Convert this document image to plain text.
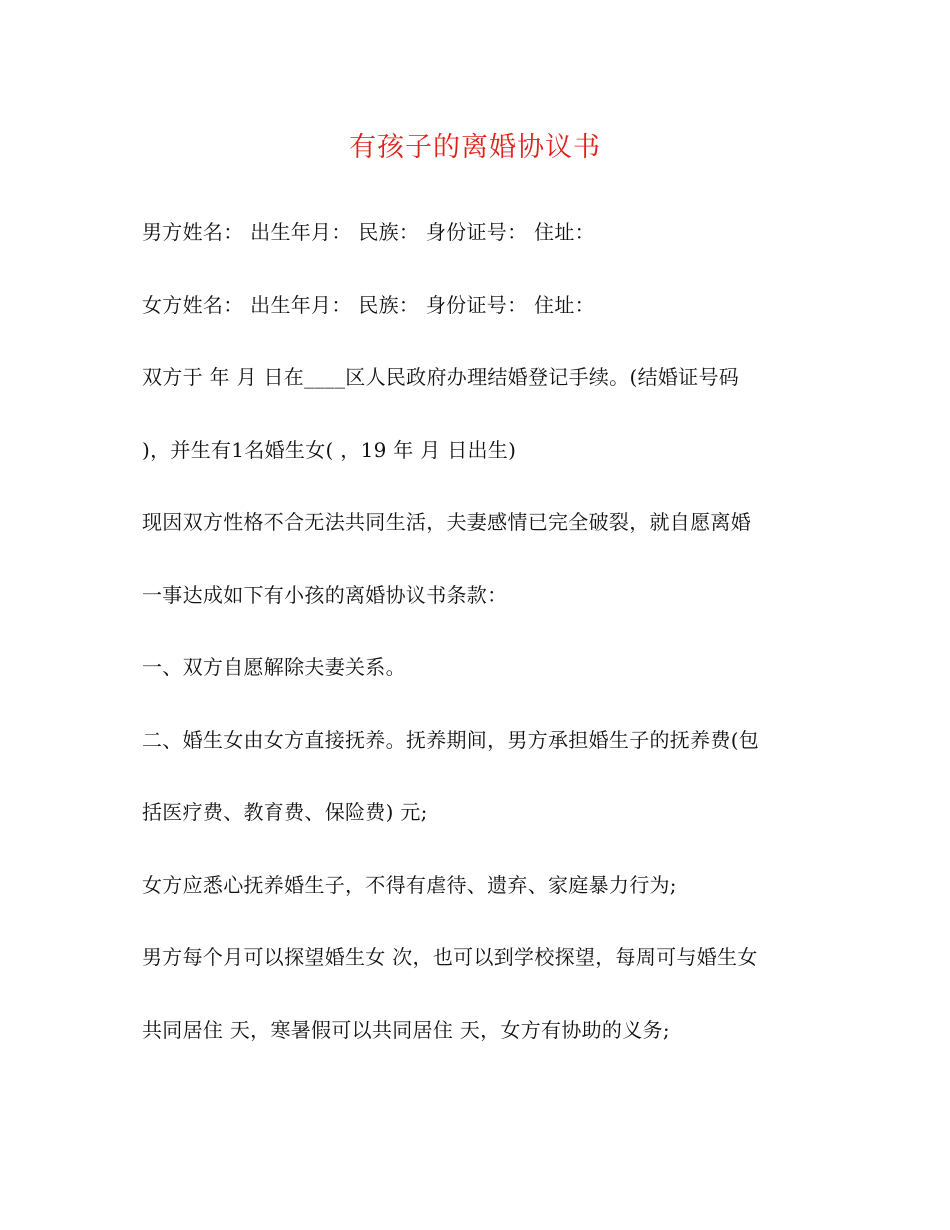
有孩子的离婚协议书
男方姓名： 出生年月： 民族： 身份证号： 住址：
女方姓名： 出生年月： 民族： 身份证号： 住址：
双方于 年 月 日在____区人民政府办理结婚登记手续。(结婚证号码
)，并生有1名婚生女( ，19 年 月 日出生)
现因双方性格不合无法共同生活，夫妻感情已完全破裂，就自愿离婚
一事达成如下有小孩的离婚协议书条款：
一、双方自愿解除夫妻关系。
二、婚生女由女方直接抚养。抚养期间，男方承担婚生子的抚养费(包
括医疗费、教育费、保险费) 元;
女方应悉心抚养婚生子，不得有虐待、遗弃、家庭暴力行为;
男方每个月可以探望婚生女 次，也可以到学校探望，每周可与婚生女
共同居住 天，寒暑假可以共同居住 天，女方有协助的义务;
